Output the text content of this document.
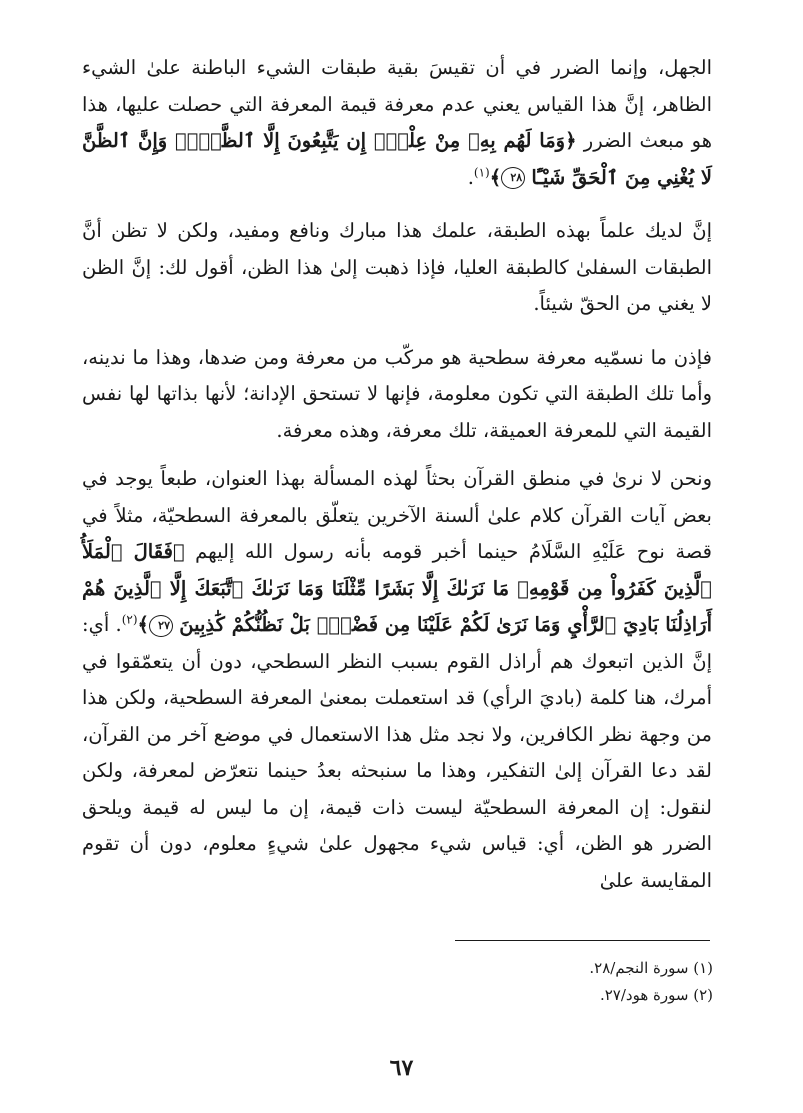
الجهل، وإنما الضرر في أن تقيسَ بقية طبقات الشيء الباطنة علىٰ الشيء الظاهر، إنَّ هذا القياس يعني عدم معرفة قيمة المعرفة التي حصلت عليها، هذا هو مبعث الضرر ﴿وَمَا لَهُم بِهِۦ مِنْ عِلْمٍۖ إِن يَتَّبِعُونَ إِلَّا ٱلظَّنَّۖ وَإِنَّ ٱلظَّنَّ لَا يُغْنِي مِنَ ٱلْحَقِّ شَيْـًٔا ٢٨﴾$^{(١)}$.

إنَّ لديك علماً بهذه الطبقة، علمك هذا مبارك ونافع ومفيد، ولكن لا تظن أنَّ الطبقات السفلىٰ كالطبقة العليا، فإذا ذهبت إلىٰ هذا الظن، أقول لك: إنَّ الظن لا يغني من الحقّ شيئاً.

فإذن ما نسمّيه معرفة سطحية هو مركّب من معرفة ومن ضدها، وهذا ما ندينه، وأما تلك الطبقة التي تكون معلومة، فإنها لا تستحق الإدانة؛ لأنها بذاتها لها نفس القيمة التي للمعرفة العميقة، تلك معرفة، وهذه معرفة.

ونحن لا نرىٰ في منطق القرآن بحثاً لهذه المسألة بهذا العنوان، طبعاً يوجد في بعض آيات القرآن كلام علىٰ ألسنة الآخرين يتعلّق بالمعرفة السطحيّة، مثلاً في قصة نوح عَلَيْهِ السَّلَامُ حينما أخبر قومه بأنه رسول الله إليهم ﴿فَقَالَ ٱلْمَلَأُ ٱلَّذِينَ كَفَرُواْ مِن قَوْمِهِۦ مَا نَرَىٰكَ إِلَّا بَشَرًا مِّثْلَنَا وَمَا نَرَىٰكَ ٱتَّبَعَكَ إِلَّا ٱلَّذِينَ هُمْ أَرَاذِلُنَا بَادِيَ ٱلرَّأْيِ وَمَا نَرَىٰ لَكُمْ عَلَيْنَا مِن فَضْلٍۭ بَلْ نَظُنُّكُمْ كَٰذِبِينَ ٢٧﴾$^{(٢)}$. أي: إنَّ الذين اتبعوك هم أراذل القوم بسبب النظر السطحي، دون أن يتعمّقوا في أمرك، هنا كلمة (باديَ الرأي) قد استعملت بمعنىٰ المعرفة السطحية، ولكن هذا من وجهة نظر الكافرين، ولا نجد مثل هذا الاستعمال في موضع آخر من القرآن، لقد دعا القرآن إلىٰ التفكير، وهذا ما سنبحثه بعدُ حينما نتعرّض لمعرفة، ولكن لنقول: إن المعرفة السطحيّة ليست ذات قيمة، إن ما ليس له قيمة ويلحق الضرر هو الظن، أي: قياس شيء مجهول علىٰ شيءٍ معلوم، دون أن تقوم المقايسة علىٰ

(١) سورة النجم/٢٨.
(٢) سورة هود/٢٧.
٦٧
